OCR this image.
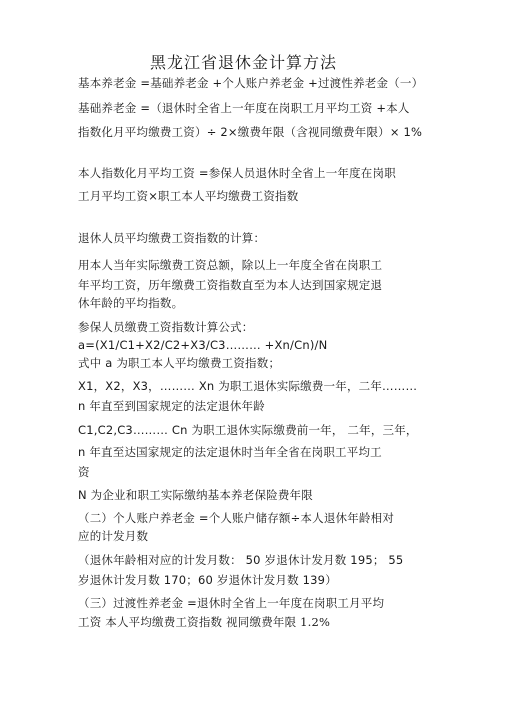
黑龙江省退休金计算方法
基本养老金 =基础养老金 +个人账户养老金 +过渡性养老金（一）
基础养老金 =（退休时全省上一年度在岗职工月平均工资 +本人
指数化月平均缴费工资）÷ 2×缴费年限（含视同缴费年限）× 1%
本人指数化月平均工资 =参保人员退休时全省上一年度在岗职
工月平均工资×职工本人平均缴费工资指数
退休人员平均缴费工资指数的计算：
用本人当年实际缴费工资总额，除以上一年度全省在岗职工
年平均工资，历年缴费工资指数直至为本人达到国家规定退
休年龄的平均指数。
参保人员缴费工资指数计算公式：
a=(X1/C1+X2/C2+X3/C3……… +Xn/Cn)/N
式中 a 为职工本人平均缴费工资指数；
X1，X2，X3，……… Xn 为职工退休实际缴费一年，二年………
n 年直至到国家规定的法定退休年龄
C1,C2,C3……… Cn 为职工退休实际缴费前一年， 二年，三年，
n 年直至达国家规定的法定退休时当年全省在岗职工平均工
资
N 为企业和职工实际缴纳基本养老保险费年限
（二）个人账户养老金 =个人账户储存额÷本人退休年龄相对
应的计发月数
（退休年龄相对应的计发月数： 50 岁退休计发月数 195； 55
岁退休计发月数 170；60 岁退休计发月数 139）
（三）过渡性养老金 =退休时全省上一年度在岗职工月平均
工资 本人平均缴费工资指数 视同缴费年限 1.2%
